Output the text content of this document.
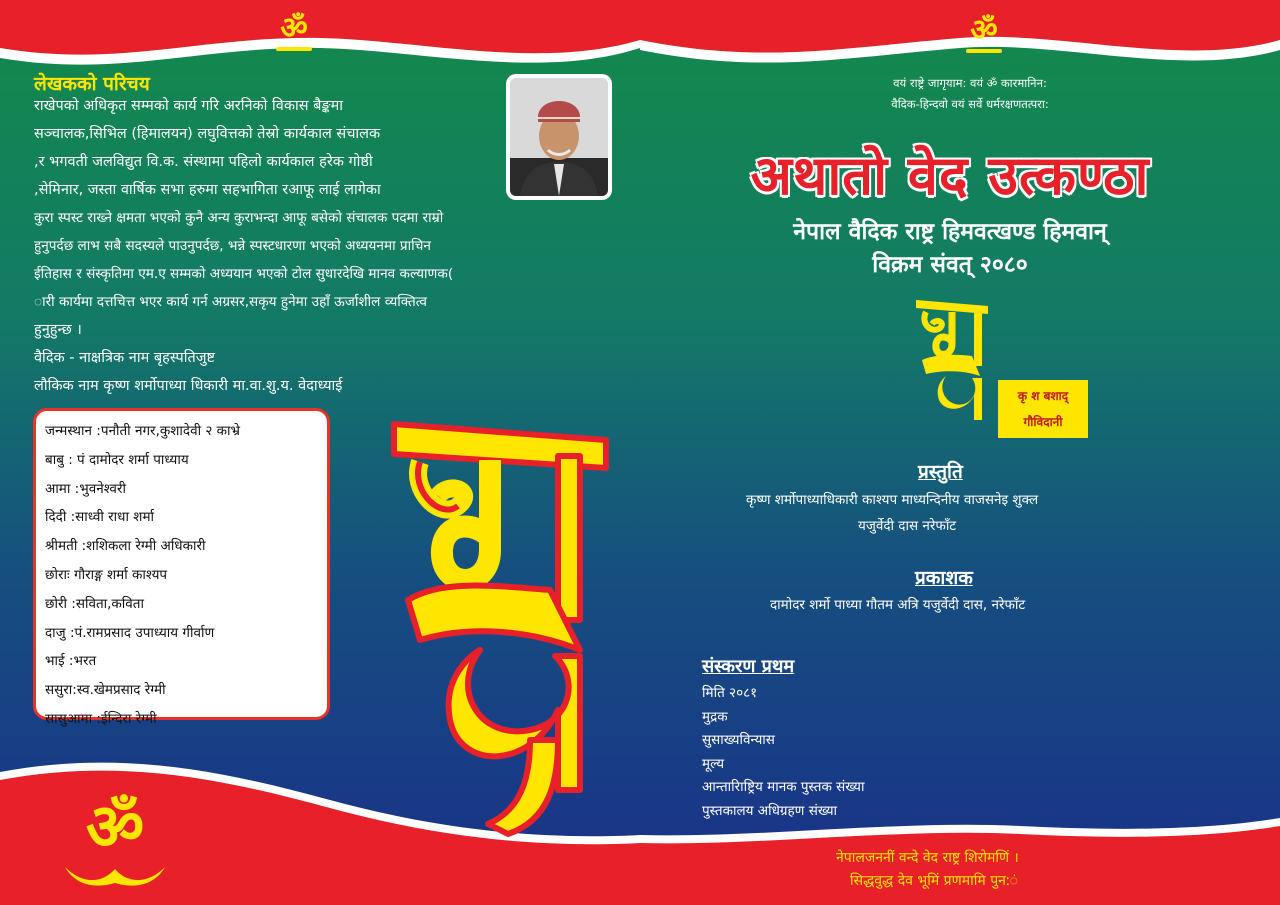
ॐ	ॐ
ॐ
लेखकको परिचय
राखेपको अधिकृत सम्मको कार्य गरि अरनिको विकास बैङ्कमा
सञ्चालक,सिभिल (हिमालयन) लघुवित्तको तेस्रो कार्यकाल संचालक
,र भगवती जलविद्युत वि.क. संस्थामा पहिलो कार्यकाल हरेक गोष्ठी
,सेमिनार, जस्ता वार्षिक सभा हरुमा सहभागिता रआफू लाई लागेका
कुरा स्पस्ट राख्ने क्षमता भएको कुनै अन्य कुराभन्दा आफू बसेको संचालक पदमा राम्रो
हुनुपर्दछ लाभ सबै सदस्यले पाउनुपर्दछ, भन्ने स्पस्टधारणा भएको अध्ययनमा प्राचिन
ईतिहास र संस्कृतिमा एम.ए सम्मको अध्ययान भएको टोल सुधारदेखि मानव कल्याणक(
ारी कार्यमा दत्तचित्त भएर कार्य गर्न अग्रसर,सकृय हुनेमा उहाँ ऊर्जाशील व्यक्तित्व
हुनुहुन्छ ।
वैदिक - नाक्षत्रिक नाम बृहस्पतिजुष्ट
लौकिक नाम कृष्ण शर्मोपाध्या धिकारी मा.वा.शु.य. वेदाध्याई
जन्मस्थान :पनौती नगर,कुशादेवी २ काभ्रे
बाबु : पं दामोदर शर्मा पाध्याय
आमा :भुवनेश्वरी
दिदी :साध्वी राधा शर्मा
श्रीमती :शशिकला रेग्मी अधिकारी
छोराः गौराङ्ग शर्मा काश्यप
छोरी :सविता,कविता
दाजु :पं.रामप्रसाद उपाध्याय गीर्वाण
भाई :भरत
ससुरा:स्व.खेमप्रसाद रेग्मी
सासुआमा :ईन्दिरा रेग्मी
वयं राष्ट्रे जागृयाम: वयं ॐ कारमानिन:
वैदिक-हिन्दवो वयं सर्वे धर्मरक्षणतत्परा:
अथातो वेद उत्कण्ठा
नेपाल वैदिक राष्ट्र हिमवत्खण्ड हिमवान्
विक्रम संवत् २०८०
कृ श बशाद्
गौविदानी
प्रस्तुति
कृष्ण शर्मोपाध्याधिकारी काश्यप माध्यन्दिनीय वाजसनेइ शुक्ल
यजुर्वेदी दास नरेफाँट
प्रकाशक
दामोदर शर्मो पाध्या गौतम अत्रि यजुर्वेदी दास, नरेफाँट
संस्करण प्रथम
मिति २०८१
मुद्रक
सुसाख्यविन्यास
मूल्य
आन्तारािष्ट्रिय मानक पुस्तक संख्या
पुस्तकालय अधिग्रहण संख्या
नेपालजननीं वन्दे वेद राष्ट्र शिरोमणिं ।
सिद्धवुद्ध देव भूमिं प्रणमामि पुन:ं
